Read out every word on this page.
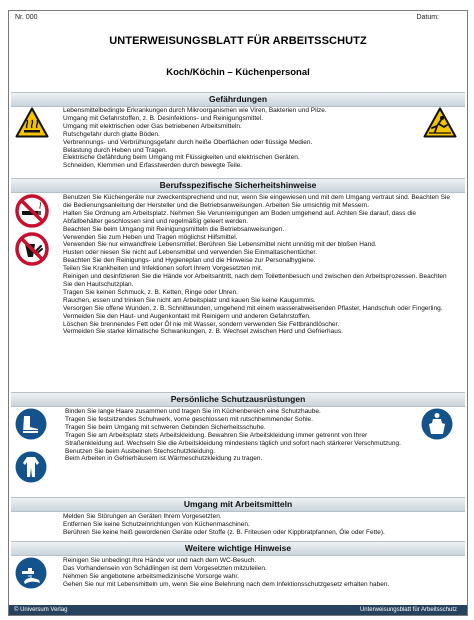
Nr. 000	Datum:
UNTERWEISUNGSBLATT FÜR ARBEITSSCHUTZ
Koch/Köchin – Küchenpersonal
Gefährdungen
Lebensmittelbedingte Erkrankungen durch Mikroorganismen wie Viren, Bakterien und Pilze.
Umgang mit Gefahrstoffen, z. B. Desinfektions- und Reinigungsmittel.
Umgang mit elektrischen oder Gas betriebenen Arbeitsmitteln.
Rutschgefahr durch glatte Böden.
Verbrennungs- und Verbrühungsgefahr durch heiße Oberflächen oder flüssige Medien.
Belastung durch Heben und Tragen.
Elektrische Gefährdung beim Umgang mit Flüssigkeiten und elektrischen Geräten.
Schneiden, Klemmen und Erfasstwerden durch bewegte Teile.
Berufsspezifische Sicherheitshinweise
Benutzen Sie Küchengeräte nur zweckentsprechend und nur, wenn Sie eingewiesen und mit dem Umgang vertraut sind. Beachten Sie die Bedienungsanleitung der Hersteller und die Betriebsanweisungen. Arbeiten Sie umsichtig mit Messern.
Halten Sie Ordnung am Arbeitsplatz. Nehmen Sie Verunreinigungen am Boden umgehend auf. Achten Sie darauf, dass die Abfallbehälter geschlossen sind und regelmäßig geleert werden.
Beachten Sie beim Umgang mit Reinigungsmitteln die Betriebsanweisungen.
Verwenden Sie zum Heben und Tragen möglichst Hilfsmittel.
Verwenden Sie nur einwandfreie Lebensmittel. Berühren Sie Lebensmittel nicht unnötig mit der bloßen Hand.
Husten oder niesen Sie nicht auf Lebensmittel und verwenden Sie Einmaltaschentücher.
Beachten Sie den Reinigungs- und Hygieneplan und die Hinweise zur Personalhygiene.
Teilen Sie Krankheiten und Infektionen sofort Ihrem Vorgesetzten mit.
Reinigen und desinfizieren Sie die Hände vor Arbeitsantritt, nach dem Toilettenbesuch und zwischen den Arbeitsprozessen. Beachten Sie den Hautschutzplan.
Tragen Sie keinen Schmuck, z. B. Ketten, Ringe oder Uhren.
Rauchen, essen und trinken Sie nicht am Arbeitsplatz und kauen Sie keine Kaugummis.
Versorgen Sie offene Wunden, z. B. Schnittwunden, umgehend mit einem wasserabweisenden Pflaster, Handschuh oder Fingerling.
Vermeiden Sie den Haut- und Augenkontakt mit Reinigern und anderen Gefahrstoffen.
Löschen Sie brennendes Fett oder Öl nie mit Wasser, sondern verwenden Sie Fettbrandlöscher.
Vermeiden Sie starke klimatische Schwankungen, z. B. Wechsel zwischen Herd und Gefrierhaus.
Persönliche Schutzausrüstungen
Binden Sie lange Haare zusammen und tragen Sie im Küchenbereich eine Schutzhaube.
Tragen Sie festsitzendes Schuhwerk, vorne geschlossen mit rutschhemmender Sohle.
Tragen Sie beim Umgang mit schweren Gebinden Sicherheitsschuhe.
Tragen Sie am Arbeitsplatz stets Arbeitskleidung. Bewahren Sie Arbeitskleidung immer getrennt von Ihrer Straßenkleidung auf. Wechseln Sie die Arbeitskleidung mindestens täglich und sofort nach stärkerer Verschmutzung.
Benutzen Sie beim Ausbeinen Stechschutzkleidung.
Beim Arbeiten in Gefrierhäusern ist Wärmeschutzkleidung zu tragen.
Umgang mit Arbeitsmitteln
Melden Sie Störungen an Geräten Ihrem Vorgesetzten.
Entfernen Sie keine Schutzeinrichtungen von Küchenmaschinen.
Berühren Sie keine heiß gewordenen Geräte oder Stoffe (z. B. Friteusen oder Kippbratpfannen, Öle oder Fette).
Weitere wichtige Hinweise
Reinigen Sie unbedingt Ihre Hände vor und nach dem WC-Besuch.
Das Vorhandensein von Schädlingen ist dem Vorgesetzten mitzuteilen.
Nehmen Sie angebotene arbeitsmedizinische Vorsorge wahr.
Gehen Sie nur mit Lebensmitteln um, wenn Sie eine Belehrung nach dem Infektionsschutzgesetz erhalten haben.
© Universum Verlag	Unterweisungsblatt für Arbeitsschutz
